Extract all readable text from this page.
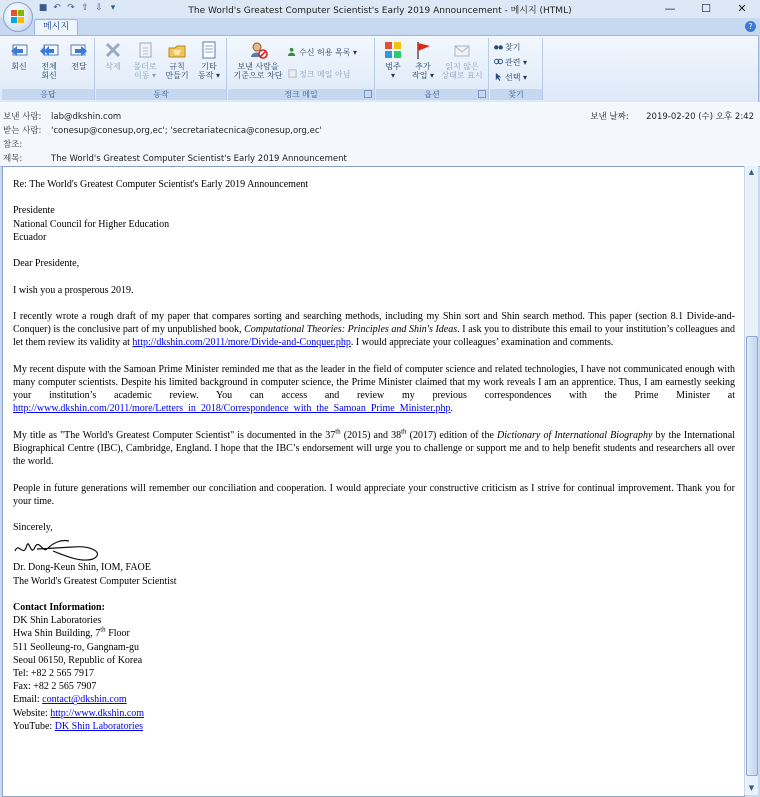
■ ↶ ↷ ⇧ ⇩ ▾	The World's Greatest Computer Scientist's Early 2019 Announcement - 메시지 (HTML)	—	☐	✕
메시지	?
회신	전체
회신
전달
응답
삭제	폴더로
이동 ▾
규칙
만들기
기타
동작 ▾
동작
보낸 사람을
기준으로 차단
수신 허용 목록 ▾
정크 메일 아님
정크 메일
범주
▾
추가
작업 ▾
읽지 않은
상태로 표시
옵션
찾기
관련 ▾
선택 ▾
찾기
보낸 사람: lab@dkshin.com
받는 사람: 'conesup@conesup,org,ec'; 'secretariatecnica@conesup,org,ec'
참조:
제목:	The World's Greatest Computer Scientist's Early 2019 Announcement
보낸 날짜: 2019-02-20 (수) 오후 2:42

Re: The World's Greatest Computer Scientist's Early 2019 Announcement

Presidente
National Council for Higher Education
Ecuador

Dear Presidente,

I wish you a prosperous 2019.

I recently wrote a rough draft of my paper that compares sorting and searching methods, including my Shin sort and Shin search method. This paper (section 8.1 Divide-and-Conquer) is the conclusive part of my unpublished book, Computational Theories: Principles and Shin's Ideas. I ask you to distribute this email to your institution’s colleagues and let them review its validity at http://dkshin.com/2011/more/Divide-and-Conquer.php. I would appreciate your colleagues’ examination and comments.

My recent dispute with the Samoan Prime Minister reminded me that as the leader in the field of computer science and related technologies, I have not communicated enough with many computer scientists. Despite his limited background in computer science, the Prime Minister claimed that my work reveals I am an apprentice. Thus, I am earnestly seeking your institution’s academic review. You can access and review my previous correspondences with the Prime Minister at http://www.dkshin.com/2011/more/Letters_in_2018/Correspondence_with_the_Samoan_Prime_Minister.php.

My title as "The World's Greatest Computer Scientist" is documented in the 37th (2015) and 38th (2017) edition of the Dictionary of International Biography by the International Biographical Centre (IBC), Cambridge, England. I hope that the IBC’s endorsement will urge you to challenge or support me and to help benefit students and researchers all over the world.

People in future generations will remember our conciliation and cooperation. I would appreciate your constructive criticism as I strive for continual improvement. Thank you for your time.

Sincerely,
Dr. Dong-Keun Shin, IOM, FAOE

The World's Greatest Computer Scientist

Contact Information:
DK Shin Laboratories
Hwa Shin Building, 7th Floor
511 Seolleung-ro, Gangnam-gu
Seoul 06150, Republic of Korea
Tel: +82 2 565 7917
Fax: +82 2 565 7907
Email: contact@dkshin.com
Website: http://www.dkshin.com
YouTube: DK Shin Laboratories
▲
▼
